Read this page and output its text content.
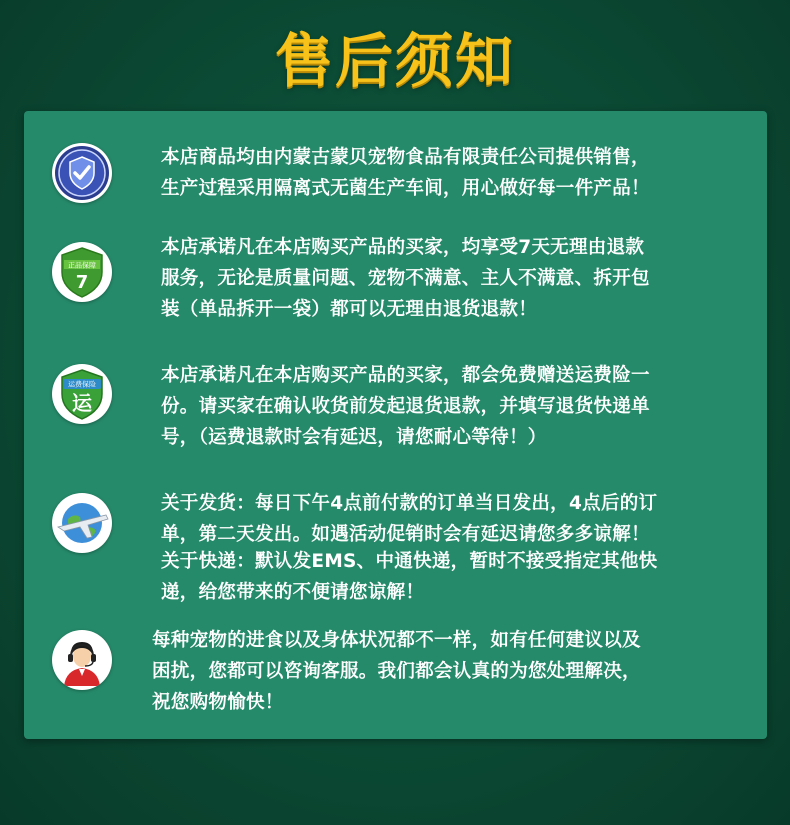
售后须知

本店商品均由内蒙古蒙贝宠物食品有限责任公司提供销售，

生产过程采用隔离式无菌生产车间，用心做好每一件产品！

正品保障
7

本店承诺凡在本店购买产品的买家，均享受7天无理由退款

服务，无论是质量问题、宠物不满意、主人不满意、拆开包

装（单品拆开一袋）都可以无理由退货退款！

运费保险
运

本店承诺凡在本店购买产品的买家，都会免费赠送运费险一

份。请买家在确认收货前发起退货退款，并填写退货快递单

号，（运费退款时会有延迟，请您耐心等待！）

关于发货：每日下午4点前付款的订单当日发出，4点后的订

单，第二天发出。如遇活动促销时会有延迟请您多多谅解！

关于快递：默认发EMS、中通快递，暂时不接受指定其他快

递，给您带来的不便请您谅解！

每种宠物的进食以及身体状况都不一样，如有任何建议以及

困扰，您都可以咨询客服。我们都会认真的为您处理解决，

祝您购物愉快！
